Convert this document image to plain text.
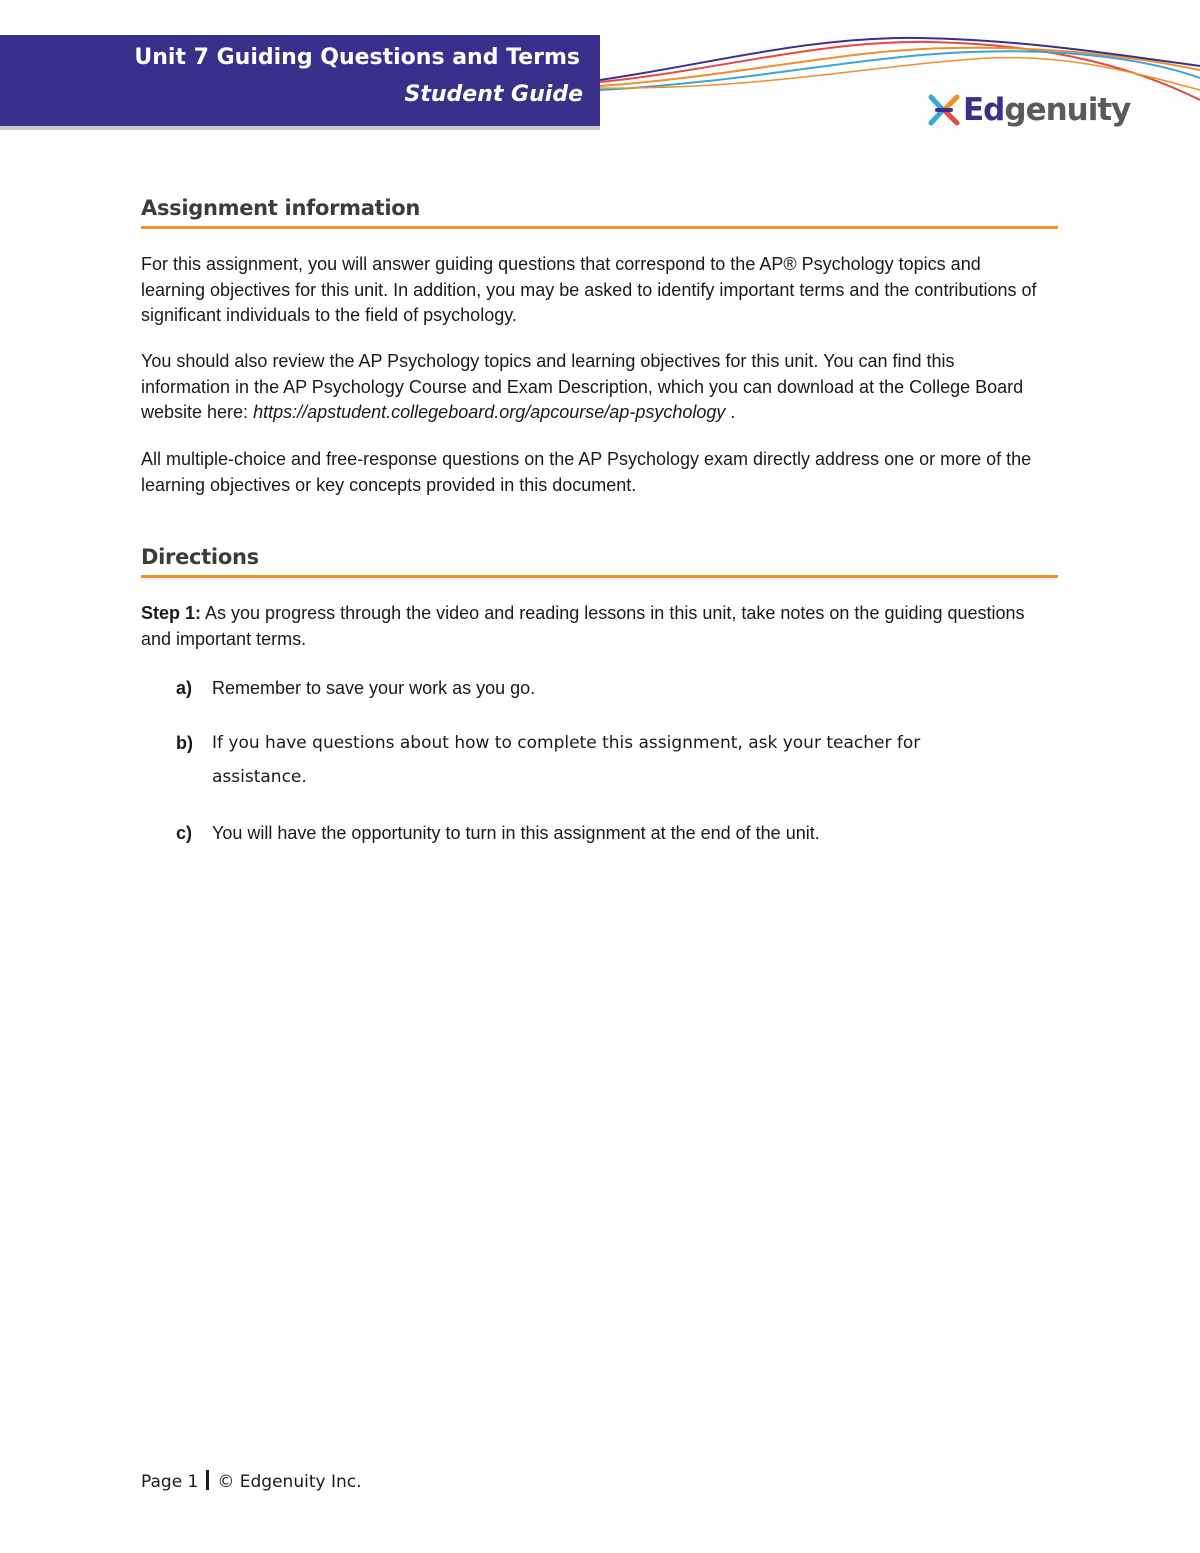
Unit 7 Guiding Questions and Terms
Student Guide	Edgenuity
Assignment information

For this assignment, you will answer guiding questions that correspond to the AP® Psychology topics and learning objectives for this unit. In addition, you may be asked to identify important terms and the contributions of significant individuals to the field of psychology.

You should also review the AP Psychology topics and learning objectives for this unit. You can find this information in the AP Psychology Course and Exam Description, which you can download at the College Board website here: https://apstudent.collegeboard.org/apcourse/ap-psychology .

All multiple-choice and free-response questions on the AP Psychology exam directly address one or more of the learning objectives or key concepts provided in this document.

Directions

Step 1: As you progress through the video and reading lessons in this unit, take notes on the guiding questions and important terms.

a) Remember to save your work as you go.
b) If you have questions about how to complete this assignment, ask your teacher for assistance.
c) You will have the opportunity to turn in this assignment at the end of the unit.
Page 1 © Edgenuity Inc.
